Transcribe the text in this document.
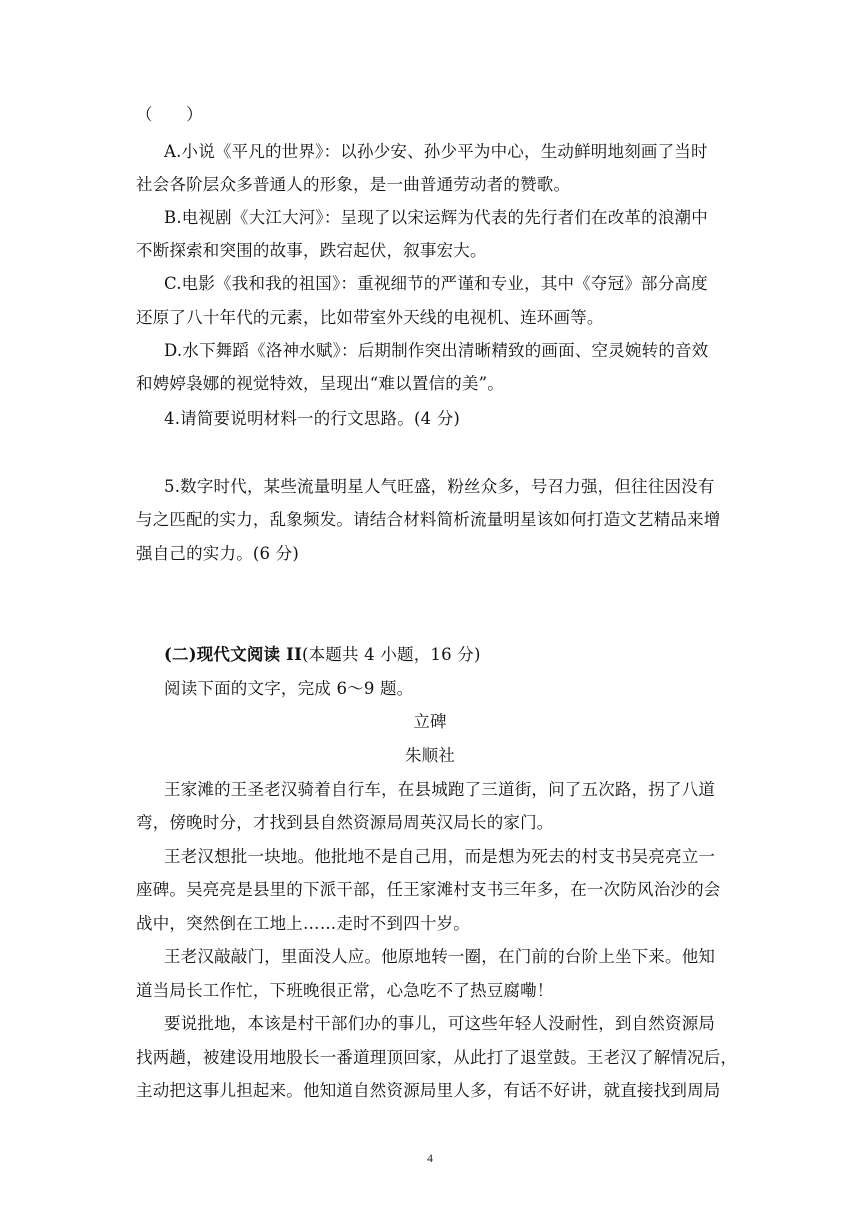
（　　）
A.小说《平凡的世界》：以孙少安、孙少平为中心，生动鲜明地刻画了当时
社会各阶层众多普通人的形象，是一曲普通劳动者的赞歌。
B.电视剧《大江大河》：呈现了以宋运辉为代表的先行者们在改革的浪潮中
不断探索和突围的故事，跌宕起伏，叙事宏大。
C.电影《我和我的祖国》：重视细节的严谨和专业，其中《夺冠》部分高度
还原了八十年代的元素，比如带室外天线的电视机、连环画等。
D.水下舞蹈《洛神水赋》：后期制作突出清晰精致的画面、空灵婉转的音效
和娉婷袅娜的视觉特效，呈现出“难以置信的美”。
4.请简要说明材料一的行文思路。(4 分)
5.数字时代，某些流量明星人气旺盛，粉丝众多，号召力强，但往往因没有
与之匹配的实力，乱象频发。请结合材料简析流量明星该如何打造文艺精品来增
强自己的实力。(6 分)
(二)现代文阅读 II(本题共 4 小题，16 分)
阅读下面的文字，完成 6～9 题。
立碑
朱顺社
王家滩的王圣老汉骑着自行车，在县城跑了三道街，问了五次路，拐了八道
弯，傍晚时分，才找到县自然资源局周英汉局长的家门。
王老汉想批一块地。他批地不是自己用，而是想为死去的村支书吴亮亮立一
座碑。吴亮亮是县里的下派干部，任王家滩村支书三年多，在一次防风治沙的会
战中，突然倒在工地上……走时不到四十岁。
王老汉敲敲门，里面没人应。他原地转一圈，在门前的台阶上坐下来。他知
道当局长工作忙，下班晚很正常，心急吃不了热豆腐嘞！
要说批地，本该是村干部们办的事儿，可这些年轻人没耐性，到自然资源局
找两趟，被建设用地股长一番道理顶回家，从此打了退堂鼓。王老汉了解情况后，
主动把这事儿担起来。他知道自然资源局里人多，有话不好讲，就直接找到周局
4
